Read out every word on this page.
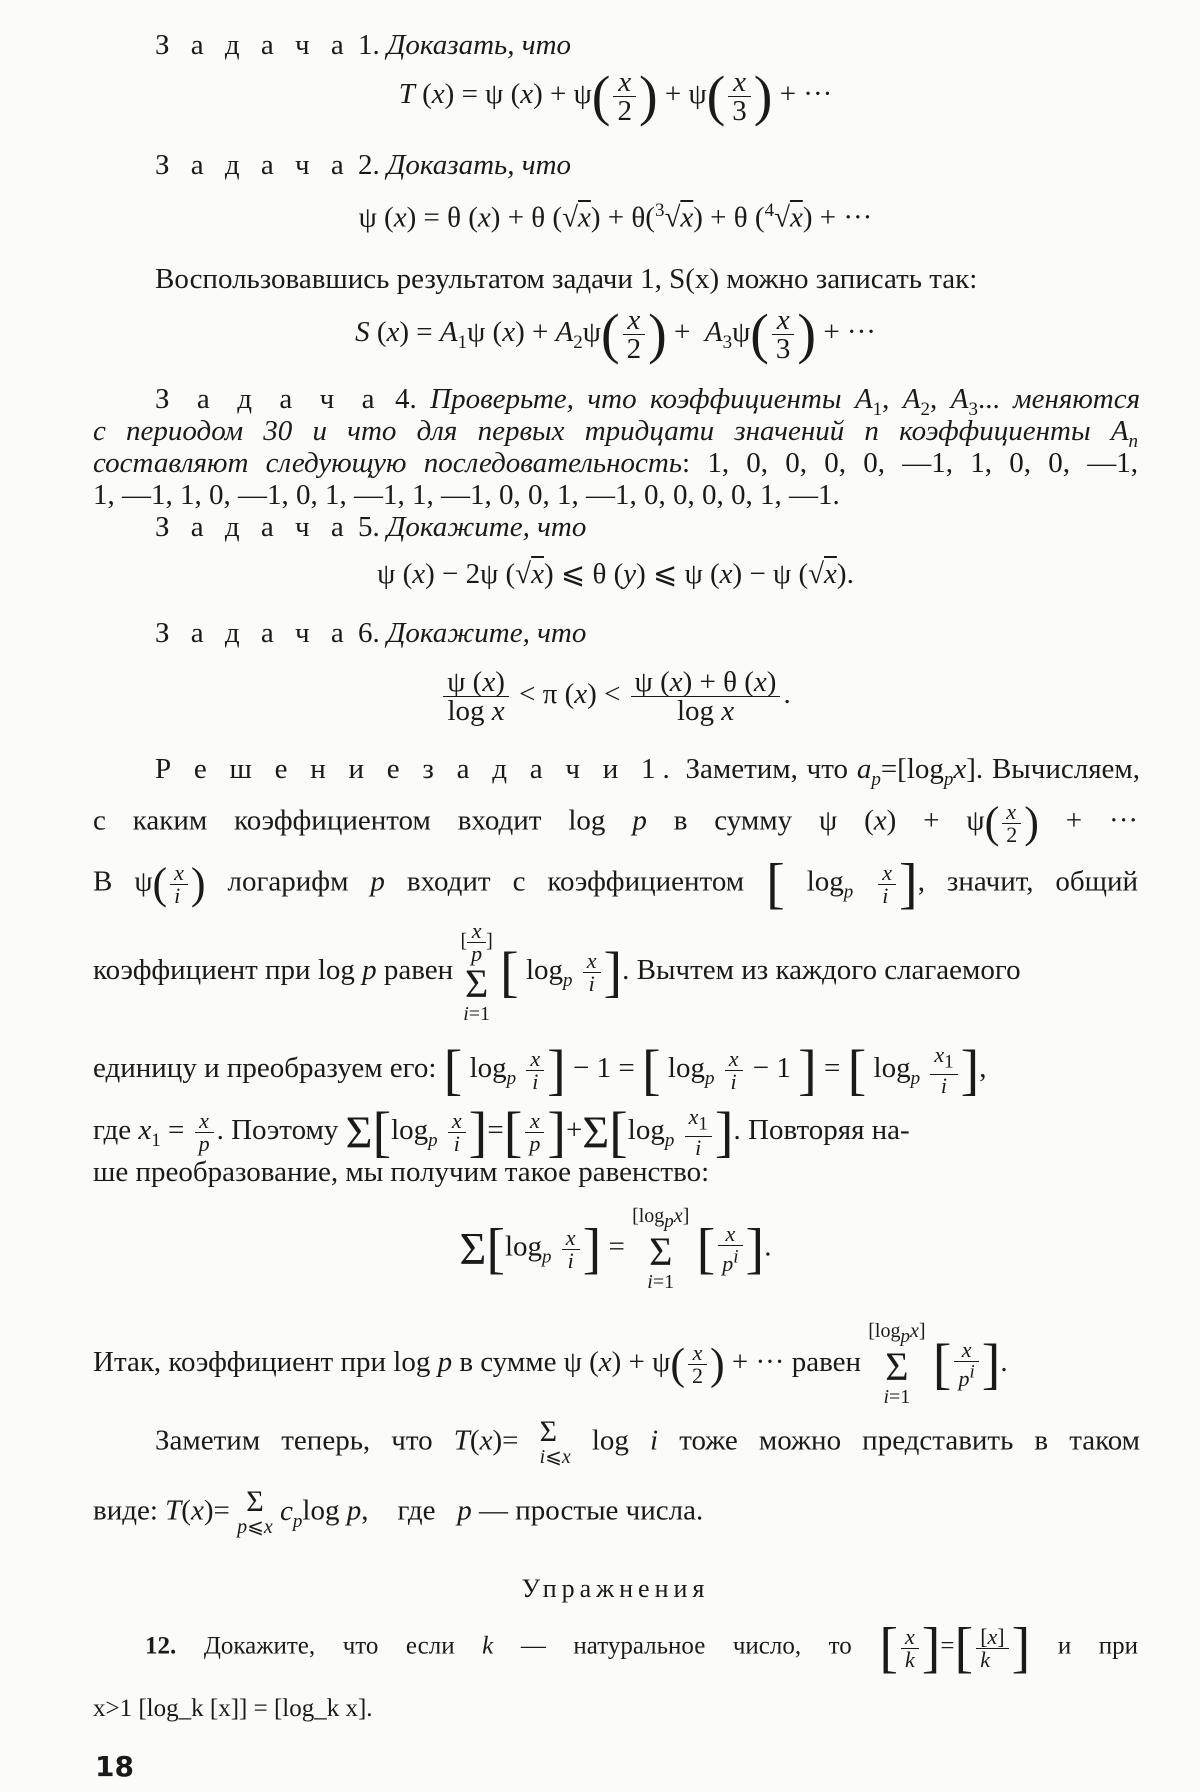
З а д а ч а 1. Доказать, что
T (x) = ψ $(x) + \psi( \frac{x}{2}$ ) + $\psi( \frac{x}{3}$ ) + ···
З а д а ч а 2. Доказать, что
ψ (x) = θ (x) + θ (√x) + θ($^3$√x) + θ ($^4$√x) + ···
Воспользовавшись результатом задачи 1, S(x) можно записать так:
S $(x) = A_1\psi$ $(x) + A_2\psi( \frac{x}{2}$ ) +  $A_3\psi( \frac{x}{3}$ ) + ···
З а д а ч а 4. Проверьте, что коэффициенты $A_1$, $A_2$, $A_3$... меняются
с периодом 30 и что для первых тридцати значений n коэффициенты $A_n$
составляют следующую последовательность: 1, 0, 0, 0, 0, —1, 1, 0, 0, —1,
1, —1, 1, 0, —1, 0, 1, —1, 1, —1, 0, 0, 1, —1, 0, 0, 0, 0, 1, —1.
З а д а ч а 5. Докажите, что
ψ (x) − 2ψ (√x) ⩽ θ (y) ⩽ ψ (x) − ψ (√x).
З а д а ч а 6. Докажите, что
$\frac{\psi (x)}{\text{log x}} < \pi$ $(x) < \frac{\psi (x) + \theta (x)}{\text{log x}}$ .
Р е ш е н и е з а д а ч и 1. Заметим, что $a_p=[\log_px]$. Вычисляем,
с каким коэффициентом входит log p в сумму ψ $(x) + \psi( \frac{x}{2}$ ) + ···
В $\psi( \frac{x}{i}$ ) логарифм p входит с коэффициентом [ $\log_p \frac{x}{i}$ ], значит, общий
коэффициент при log p равен
[ $\frac{x}{p}$ ]
Σ
i=1
[ $\log_p \frac{x}{i}$ ]. Вычтем из каждого слагаемого
единицу и преобразуем его: [ $\log_p \frac{x}{i}$ ] − 1 = [ $\log_p \frac{x}{i} - 1$ ] = [ $\log_p \frac{x_1}{i}$ ],
где $x_1 = \frac{x}{p}$ . Поэтому $\Sigma[\log_p \frac{x}{i}$ ]=[ $\frac{x}{p} ]+\Sigma[\log_p \frac{x_1}{i}$ ]. Повторяя на-
ше преобразование, мы получим такое равенство:
$\Sigma[\log_p \frac{x}{i}$ ] =
$[\log_px]$
Σ
i=1
[ $\frac{x}{p^i}$ ].
Итак, коэффициент при log p в сумме ψ $(x) + \psi( \frac{x}{2}$ ) + ··· равен
$[\log_px]$
Σ
i=1
[ $\frac{x}{p^i}$ ].
Заметим теперь, что T(x)= Σ
i⩽x
log i тоже можно представить в таком
виде: T(x)= Σ
p⩽x
$c_p\log$ p,    где p — простые числа.
Упражнения
12. Докажите, что если k — натуральное число, то [ $\frac{x}{k}$ ]=[ $\frac{[x]}{k}$ ] и при
x>1 [log_k [x]] = [log_k x].
18
